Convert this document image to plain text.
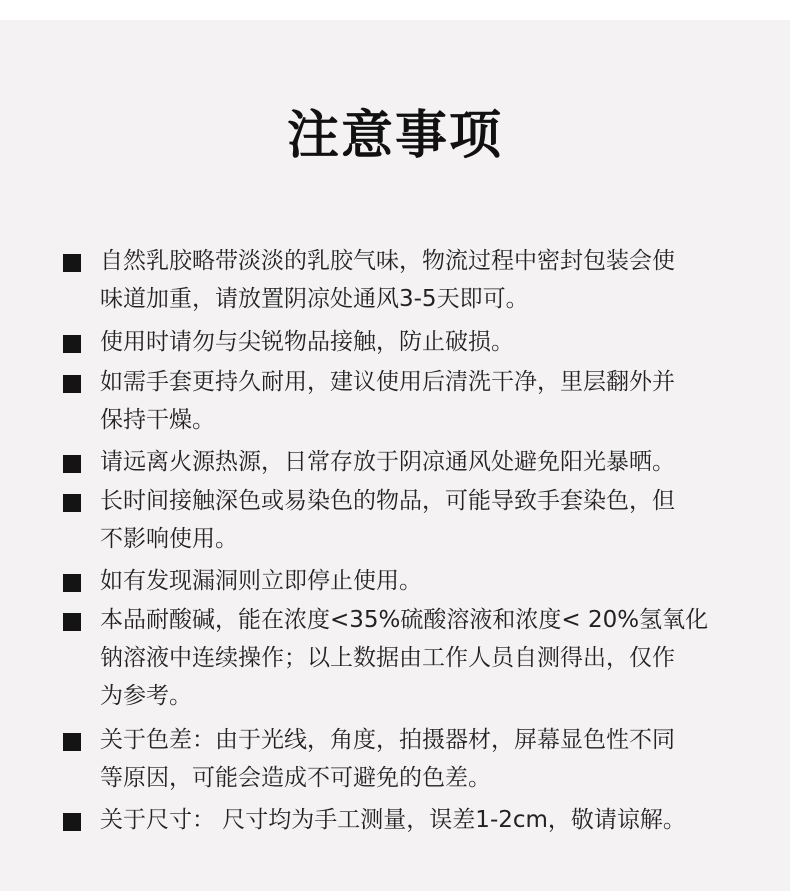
注意事项
自然乳胶略带淡淡的乳胶气味，物流过程中密封包装会使
味道加重，请放置阴凉处通风3-5天即可。
使用时请勿与尖锐物品接触，防止破损。
如需手套更持久耐用，建议使用后清洗干净，里层翻外并
保持干燥。
请远离火源热源，日常存放于阴凉通风处避免阳光暴晒。
长时间接触深色或易染色的物品，可能导致手套染色，但
不影响使用。
如有发现漏洞则立即停止使用。
本品耐酸碱，能在浓度<35%硫酸溶液和浓度< 20%氢氧化
钠溶液中连续操作；以上数据由工作人员自测得出，仅作
为参考。
关于色差：由于光线，角度，拍摄器材，屏幕显色性不同
等原因，可能会造成不可避免的色差。
关于尺寸： 尺寸均为手工测量，误差1-2cm，敬请谅解。
